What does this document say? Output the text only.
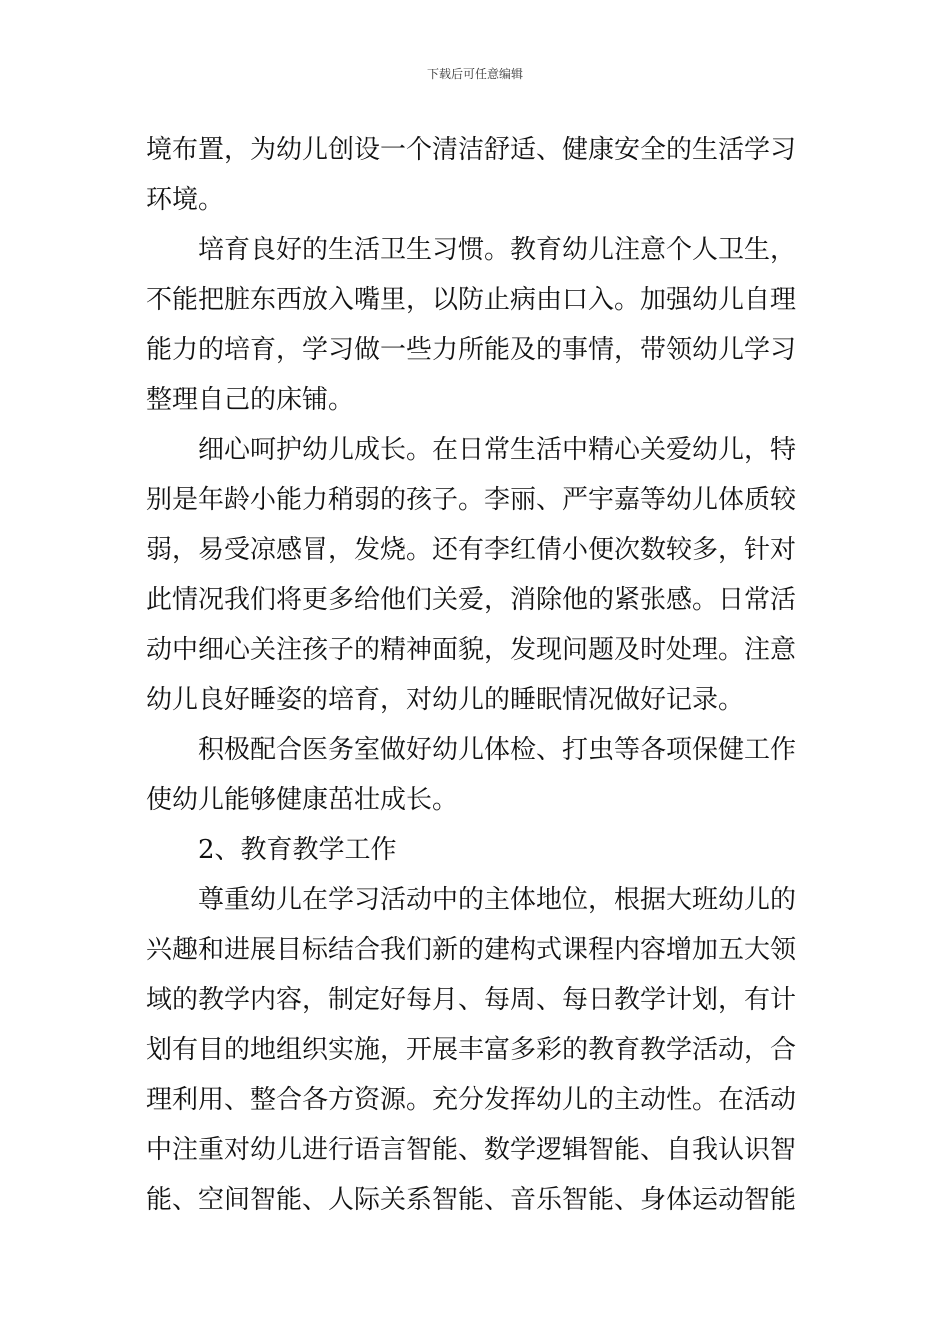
下载后可任意编辑
境布置，为幼儿创设一个清洁舒适、健康安全的生活学习
环境。
培育良好的生活卫生习惯。教育幼儿注意个人卫生，
不能把脏东西放入嘴里，以防止病由口入。加强幼儿自理
能力的培育，学习做一些力所能及的事情，带领幼儿学习
整理自己的床铺。
细心呵护幼儿成长。在日常生活中精心关爱幼儿，特
别是年龄小能力稍弱的孩子。李丽、严宇嘉等幼儿体质较
弱，易受凉感冒，发烧。还有李红倩小便次数较多，针对
此情况我们将更多给他们关爱，消除他的紧张感。日常活
动中细心关注孩子的精神面貌，发现问题及时处理。注意
幼儿良好睡姿的培育，对幼儿的睡眠情况做好记录。
积极配合医务室做好幼儿体检、打虫等各项保健工作
使幼儿能够健康茁壮成长。
2、教育教学工作
尊重幼儿在学习活动中的主体地位，根据大班幼儿的
兴趣和进展目标结合我们新的建构式课程内容增加五大领
域的教学内容，制定好每月、每周、每日教学计划，有计
划有目的地组织实施，开展丰富多彩的教育教学活动，合
理利用、整合各方资源。充分发挥幼儿的主动性。在活动
中注重对幼儿进行语言智能、数学逻辑智能、自我认识智
能、空间智能、人际关系智能、音乐智能、身体运动智能
